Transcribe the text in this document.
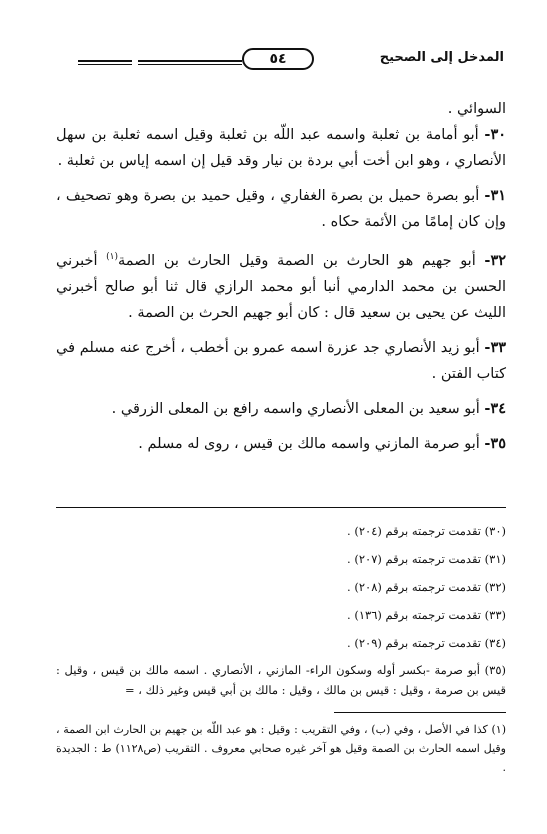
المدخل إلى الصحيح
٥٤

السوائي .

٣٠- أبو أمامة بن ثعلبة واسمه عبد اللّه بن ثعلبة وقيل اسمه ثعلبة بن سهل الأنصاري ، وهو ابن أخت أبي بردة بن نيار وقد قيل إن اسمه إياس بن ثعلبة .

٣١- أبو بصرة حميل بن بصرة الغفاري ، وقيل حميد بن بصرة وهو تصحيف ، وإن كان إمامًا من الأئمة حكاه .

٣٢- أبو جهيم هو الحارث بن الصمة وقيل الحارث بن الصمة$^{(١)}$ أخبرني الحسن بن محمد الدارمي أنبا أبو محمد الرازي قال ثنا أبو صالح أخبرني الليث عن يحيى بن سعيد قال : كان أبو جهيم الحرث بن الصمة .

٣٣- أبو زيد الأنصاري جد عزرة اسمه عمرو بن أخطب ، أخرج عنه مسلم في كتاب الفتن .

٣٤- أبو سعيد بن المعلى الأنصاري واسمه رافع بن المعلى الزرقي .

٣٥- أبو صرمة المازني واسمه مالك بن قيس ، روى له مسلم .

(٣٠) تقدمت ترجمته برقم (٢٠٤) .

(٣١) تقدمت ترجمته برقم (٢٠٧) .

(٣٢) تقدمت ترجمته برقم (٢٠٨) .

(٣٣) تقدمت ترجمته برقم (١٣٦) .

(٣٤) تقدمت ترجمته برقم (٢٠٩) .

(٣٥) أبو صرمة -بكسر أوله وسكون الراء- المازني ، الأنصاري . اسمه مالك بن قيس ، وقيل : قيس بن صرمة ، وقيل : قيس بن مالك ، وقيل : مالك بن أبي قيس وغير ذلك ، =

(١) كذا في الأصل ، وفي (ب) ، وفي التقريب : وقيل : هو عبد اللّه بن جهيم بن الحارث ابن الصمة ، وقيل اسمه الحارث بن الصمة وقيل هو آخر غيره صحابي معروف . التقريب (ص١١٢٨) ط : الجديدة .
